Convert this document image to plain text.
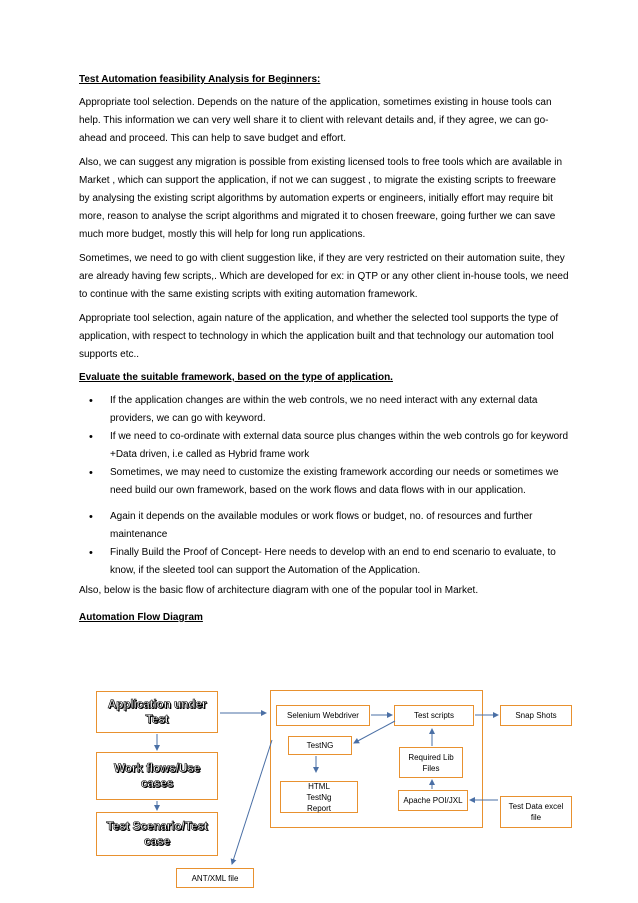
Test Automation feasibility Analysis for Beginners:

Appropriate tool selection. Depends on the nature of the application, sometimes existing in house tools can help. This information we can very well share it to client with relevant details and, if they agree, we can go-ahead and proceed. This can help to save budget and effort.

Also, we can suggest any migration is possible from existing licensed tools to free tools which are available in Market , which can support the application, if not we can suggest , to migrate the existing scripts to freeware by analysing the existing script algorithms by automation experts or engineers, initially effort may require bit more, reason to analyse the script algorithms and migrated it to chosen freeware, going further we can save much more budget, mostly this will help for long run applications.

Sometimes, we need to go with client suggestion like, if they are very restricted on their automation suite, they are already having few scripts,. Which are developed for ex: in QTP or any other client in-house tools, we need to continue with the same existing scripts with exiting automation framework.

Appropriate tool selection, again nature of the application, and whether the selected tool supports the type of application, with respect to technology in which the application built and that technology our automation tool supports etc..

Evaluate the suitable framework, based on the type of application.

• If the application changes are within the web controls, we no need interact with any external data providers, we can go with keyword.
• If we need to co-ordinate with external data source plus changes within the web controls go for keyword +Data driven, i.e called as Hybrid frame work
• Sometimes, we may need to customize the existing framework according our needs or sometimes we need build our own framework, based on the work flows and data flows with in our application.
• Again it depends on the available modules or work flows or budget, no. of resources and further maintenance
• Finally Build the Proof of Concept- Here needs to develop with an end to end scenario to evaluate, to know, if the sleeted tool can support the Automation of the Application.

Also, below is the basic flow of architecture diagram with one of the popular tool in Market.

Automation Flow Diagram

Application under Test
Work flows/Use cases
Test Scenario/Test case
Selenium Webdriver	Test scripts	Snap Shots
TestNG
Required Lib Files
HTML TestNg Report
Apache POI/JXL
Test Data excel file
ANT/XML file
